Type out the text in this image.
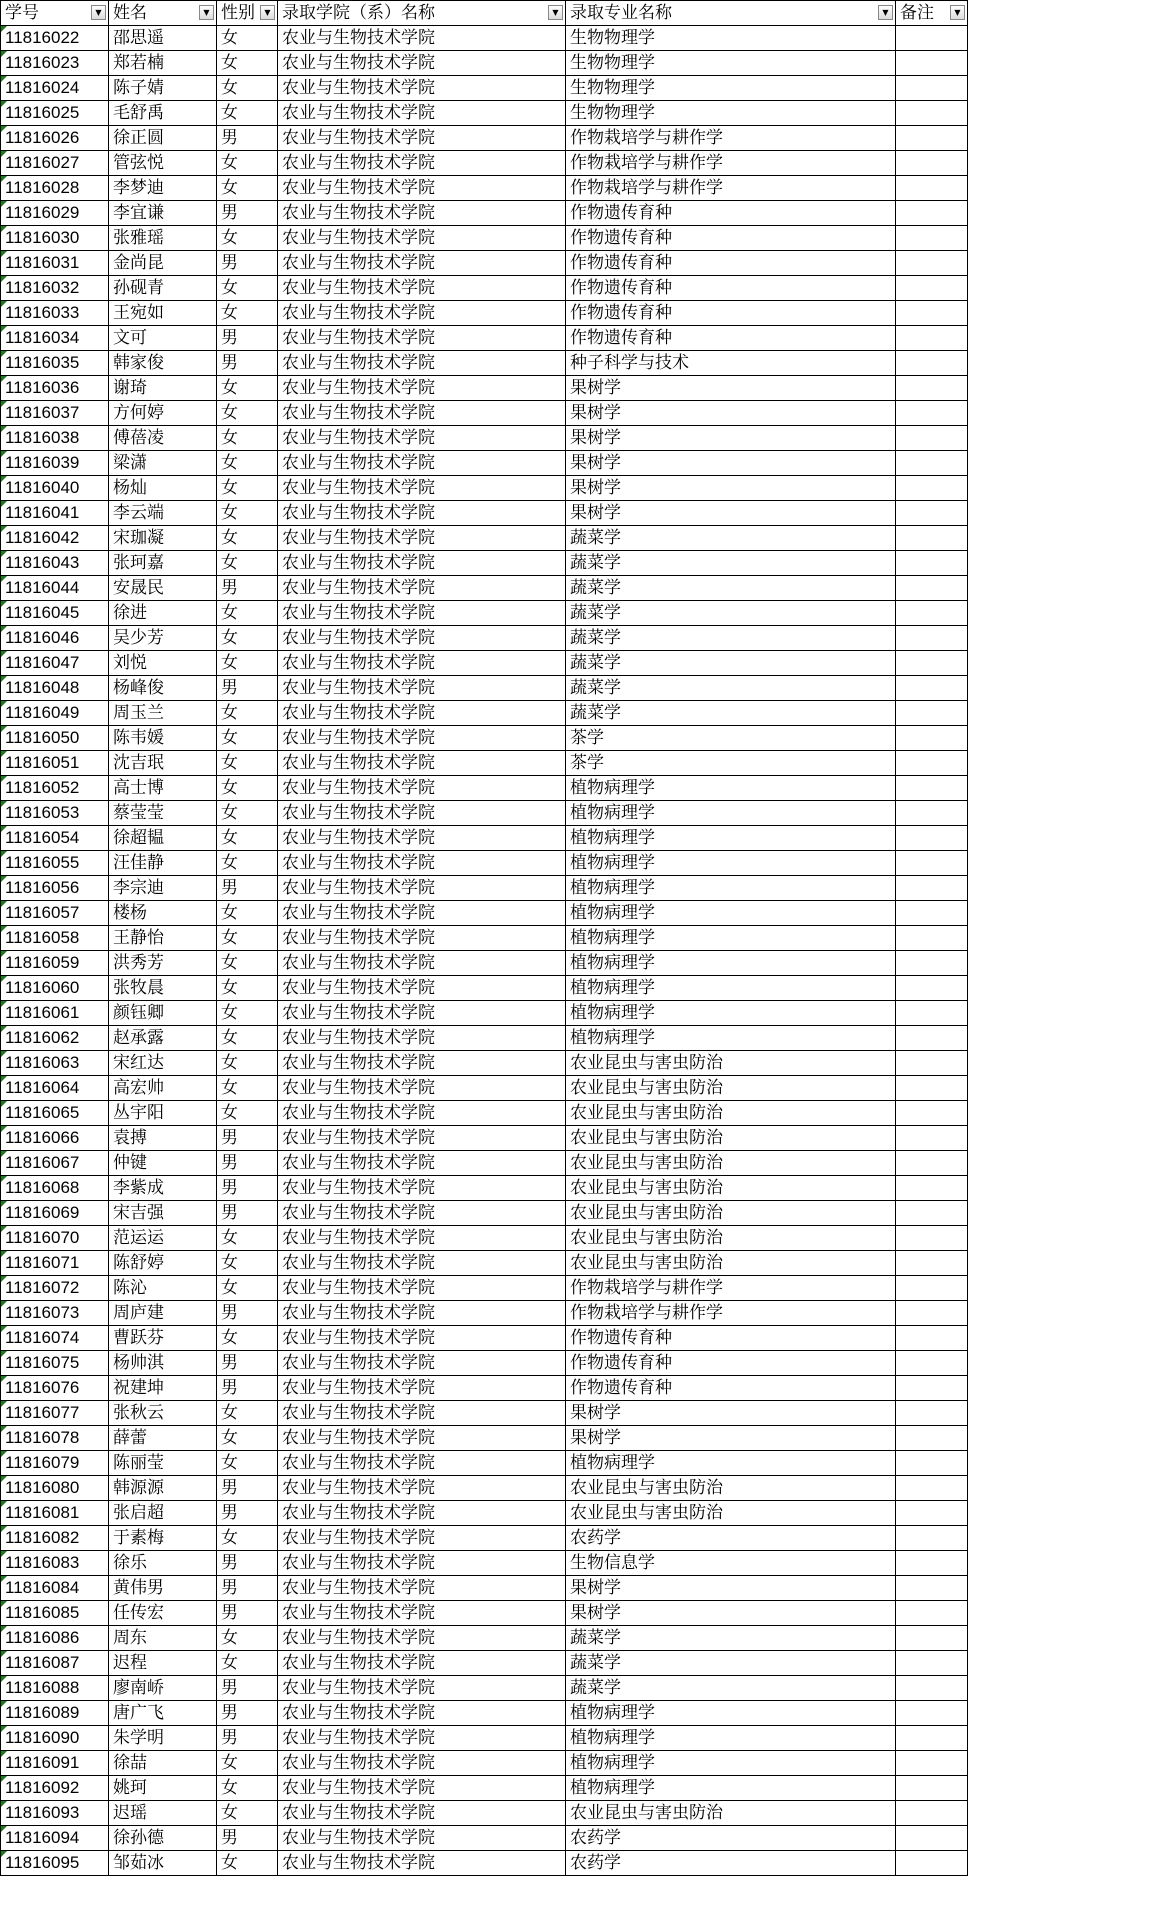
学号 ▼	姓名 ▼	性别 ▼	录取学院（系）名称 ▼	录取专业名称 ▼	备注 ▼

11816022	邵思遥	女	农业与生物技术学院	生物物理学	
11816023	郑若楠	女	农业与生物技术学院	生物物理学	
11816024	陈子婧	女	农业与生物技术学院	生物物理学	
11816025	毛舒禹	女	农业与生物技术学院	生物物理学	
11816026	徐正圆	男	农业与生物技术学院	作物栽培学与耕作学	
11816027	管弦悦	女	农业与生物技术学院	作物栽培学与耕作学	
11816028	李梦迪	女	农业与生物技术学院	作物栽培学与耕作学	
11816029	李宜谦	男	农业与生物技术学院	作物遗传育种	
11816030	张雅瑶	女	农业与生物技术学院	作物遗传育种	
11816031	金尚昆	男	农业与生物技术学院	作物遗传育种	
11816032	孙砚青	女	农业与生物技术学院	作物遗传育种	
11816033	王宛如	女	农业与生物技术学院	作物遗传育种	
11816034	文可	男	农业与生物技术学院	作物遗传育种	
11816035	韩家俊	男	农业与生物技术学院	种子科学与技术	
11816036	谢琦	女	农业与生物技术学院	果树学	
11816037	方何婷	女	农业与生物技术学院	果树学	
11816038	傅蓓凌	女	农业与生物技术学院	果树学	
11816039	梁潇	女	农业与生物技术学院	果树学	
11816040	杨灿	女	农业与生物技术学院	果树学	
11816041	李云端	女	农业与生物技术学院	果树学	
11816042	宋珈凝	女	农业与生物技术学院	蔬菜学	
11816043	张珂嘉	女	农业与生物技术学院	蔬菜学	
11816044	安晟民	男	农业与生物技术学院	蔬菜学	
11816045	徐进	女	农业与生物技术学院	蔬菜学	
11816046	吴少芳	女	农业与生物技术学院	蔬菜学	
11816047	刘悦	女	农业与生物技术学院	蔬菜学	
11816048	杨峰俊	男	农业与生物技术学院	蔬菜学	
11816049	周玉兰	女	农业与生物技术学院	蔬菜学	
11816050	陈韦媛	女	农业与生物技术学院	茶学	
11816051	沈吉珉	女	农业与生物技术学院	茶学	
11816052	高士博	女	农业与生物技术学院	植物病理学	
11816053	蔡莹莹	女	农业与生物技术学院	植物病理学	
11816054	徐超韫	女	农业与生物技术学院	植物病理学	
11816055	汪佳静	女	农业与生物技术学院	植物病理学	
11816056	李宗迪	男	农业与生物技术学院	植物病理学	
11816057	楼杨	女	农业与生物技术学院	植物病理学	
11816058	王静怡	女	农业与生物技术学院	植物病理学	
11816059	洪秀芳	女	农业与生物技术学院	植物病理学	
11816060	张牧晨	女	农业与生物技术学院	植物病理学	
11816061	颜钰卿	女	农业与生物技术学院	植物病理学	
11816062	赵承露	女	农业与生物技术学院	植物病理学	
11816063	宋红达	女	农业与生物技术学院	农业昆虫与害虫防治	
11816064	高宏帅	女	农业与生物技术学院	农业昆虫与害虫防治	
11816065	丛宇阳	女	农业与生物技术学院	农业昆虫与害虫防治	
11816066	袁搏	男	农业与生物技术学院	农业昆虫与害虫防治	
11816067	仲键	男	农业与生物技术学院	农业昆虫与害虫防治	
11816068	李紫成	男	农业与生物技术学院	农业昆虫与害虫防治	
11816069	宋吉强	男	农业与生物技术学院	农业昆虫与害虫防治	
11816070	范运运	女	农业与生物技术学院	农业昆虫与害虫防治	
11816071	陈舒婷	女	农业与生物技术学院	农业昆虫与害虫防治	
11816072	陈沁	女	农业与生物技术学院	作物栽培学与耕作学	
11816073	周庐建	男	农业与生物技术学院	作物栽培学与耕作学	
11816074	曹跃芬	女	农业与生物技术学院	作物遗传育种	
11816075	杨帅淇	男	农业与生物技术学院	作物遗传育种	
11816076	祝建坤	男	农业与生物技术学院	作物遗传育种	
11816077	张秋云	女	农业与生物技术学院	果树学	
11816078	薛蕾	女	农业与生物技术学院	果树学	
11816079	陈丽莹	女	农业与生物技术学院	植物病理学	
11816080	韩源源	男	农业与生物技术学院	农业昆虫与害虫防治	
11816081	张启超	男	农业与生物技术学院	农业昆虫与害虫防治	
11816082	于素梅	女	农业与生物技术学院	农药学	
11816083	徐乐	男	农业与生物技术学院	生物信息学	
11816084	黄伟男	男	农业与生物技术学院	果树学	
11816085	任传宏	男	农业与生物技术学院	果树学	
11816086	周东	女	农业与生物技术学院	蔬菜学	
11816087	迟程	女	农业与生物技术学院	蔬菜学	
11816088	廖南峤	男	农业与生物技术学院	蔬菜学	
11816089	唐广飞	男	农业与生物技术学院	植物病理学	
11816090	朱学明	男	农业与生物技术学院	植物病理学	
11816091	徐喆	女	农业与生物技术学院	植物病理学	
11816092	姚珂	女	农业与生物技术学院	植物病理学	
11816093	迟瑶	女	农业与生物技术学院	农业昆虫与害虫防治	
11816094	徐孙德	男	农业与生物技术学院	农药学	
11816095	邹茹冰	女	农业与生物技术学院	农药学	
